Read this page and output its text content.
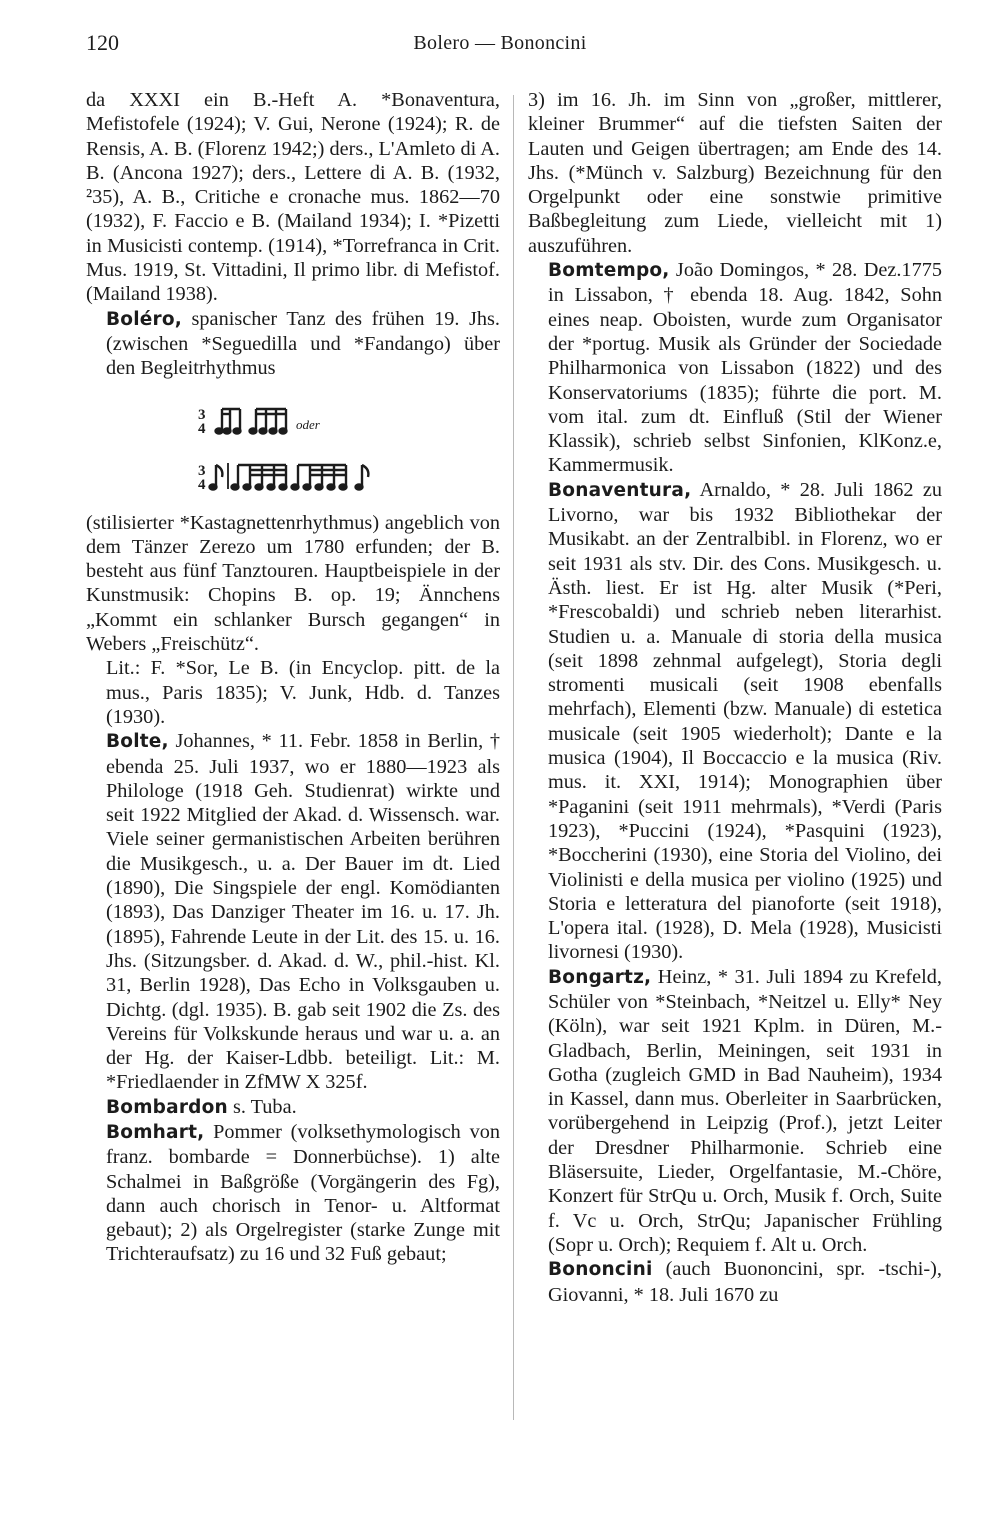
120	Bolero — Bononcini

da XXXI ein B.-Heft A. *Bonaventura, Mefistofele (1924); V. Gui, Nerone (1924); R. de Rensis, A. B. (Florenz 1942;) ders., L'Amleto di A. B. (Ancona 1927); ders., Lettere di A. B. (1932, ²35), A. B., Critiche e cronache mus. 1862—70 (1932), F. Faccio e B. (Mailand 1934); I. *Pizetti in Musicisti contemp. (1914), *Torrefranca in Crit. Mus. 1919, St. Vittadini, Il primo libr. di Mefistof. (Mailand 1938).

Boléro, spanischer Tanz des frühen 19. Jhs. (zwischen *Seguedilla und *Fandango) über den Begleitrhythmus

3
4	oder
3
4

(stilisierter *Kastagnettenrhythmus) angeblich von dem Tänzer Zerezo um 1780 erfunden; der B. besteht aus fünf Tanztouren. Hauptbeispiele in der Kunstmusik: Chopins B. op. 19; Ännchens „Kommt ein schlanker Bursch gegangen“ in Webers „Freischütz“.

Lit.: F. *Sor, Le B. (in Encyclop. pitt. de la mus., Paris 1835); V. Junk, Hdb. d. Tanzes (1930).

Bolte, Johannes, * 11. Febr. 1858 in Berlin, † ebenda 25. Juli 1937, wo er 1880—1923 als Philologe (1918 Geh. Studienrat) wirkte und seit 1922 Mitglied der Akad. d. Wissensch. war. Viele seiner germanistischen Arbeiten berühren die Musikgesch., u. a. Der Bauer im dt. Lied (1890), Die Singspiele der engl. Komödianten (1893), Das Danziger Theater im 16. u. 17. Jh. (1895), Fahrende Leute in der Lit. des 15. u. 16. Jhs. (Sitzungsber. d. Akad. d. W., phil.-hist. Kl. 31, Berlin 1928), Das Echo in Volksgauben u. Dichtg. (dgl. 1935). B. gab seit 1902 die Zs. des Vereins für Volkskunde heraus und war u. a. an der Hg. der Kaiser-Ldbb. beteiligt. Lit.: M. *Friedlaender in ZfMW X 325f.

Bombardon s. Tuba.

Bomhart, Pommer (volksethymologisch von franz. bombarde = Donnerbüchse). 1) alte Schalmei in Baßgröße (Vorgängerin des Fg), dann auch chorisch in Tenor- u. Altformat gebaut); 2) als Orgelregister (starke Zunge mit Trichteraufsatz) zu 16 und 32 Fuß gebaut;

3) im 16. Jh. im Sinn von „großer, mittlerer, kleiner Brummer“ auf die tiefsten Saiten der Lauten und Geigen übertragen; am Ende des 14. Jhs. (*Münch v. Salzburg) Bezeichnung für den Orgelpunkt oder eine sonstwie primitive Baßbegleitung zum Liede, vielleicht mit 1) auszuführen.

Bomtempo, João Domingos, * 28. Dez.1775 in Lissabon, † ebenda 18. Aug. 1842, Sohn eines neap. Oboisten, wurde zum Organisator der *portug. Musik als Gründer der Sociedade Philharmonica von Lissabon (1822) und des Konservatoriums (1835); führte die port. M. vom ital. zum dt. Einfluß (Stil der Wiener Klassik), schrieb selbst Sinfonien, KlKonz.e, Kammermusik.

Bonaventura, Arnaldo, * 28. Juli 1862 zu Livorno, war bis 1932 Bibliothekar der Musikabt. an der Zentralbibl. in Florenz, wo er seit 1931 als stv. Dir. des Cons. Musikgesch. u. Ästh. liest. Er ist Hg. alter Musik (*Peri, *Frescobaldi) und schrieb neben literarhist. Studien u. a. Manuale di storia della musica (seit 1898 zehnmal aufgelegt), Storia degli stromenti musicali (seit 1908 ebenfalls mehrfach), Elementi (bzw. Manuale) di estetica musicale (seit 1905 wiederholt); Dante e la musica (1904), Il Boccaccio e la musica (Riv. mus. it. XXI, 1914); Monographien über *Paganini (seit 1911 mehrmals), *Verdi (Paris 1923), *Puccini (1924), *Pasquini (1923), *Boccherini (1930), eine Storia del Violino, dei Violinisti e della musica per violino (1925) und Storia e letteratura del pianoforte (seit 1918), L'opera ital. (1928), D. Mela (1928), Musicisti livornesi (1930).

Bongartz, Heinz, * 31. Juli 1894 zu Krefeld, Schüler von *Steinbach, *Neitzel u. Elly* Ney (Köln), war seit 1921 Kplm. in Düren, M.-Gladbach, Berlin, Meiningen, seit 1931 in Gotha (zugleich GMD in Bad Nauheim), 1934 in Kassel, dann mus. Oberleiter in Saarbrücken, vorübergehend in Leipzig (Prof.), jetzt Leiter der Dresdner Philharmonie. Schrieb eine Bläsersuite, Lieder, Orgelfantasie, M.-Chöre, Konzert für StrQu u. Orch, Musik f. Orch, Suite f. Vc u. Orch, StrQu; Japanischer Frühling (Sopr u. Orch); Requiem f. Alt u. Orch.

Bononcini (auch Buononcini, spr. -tschi-), Giovanni, * 18. Juli 1670 zu
